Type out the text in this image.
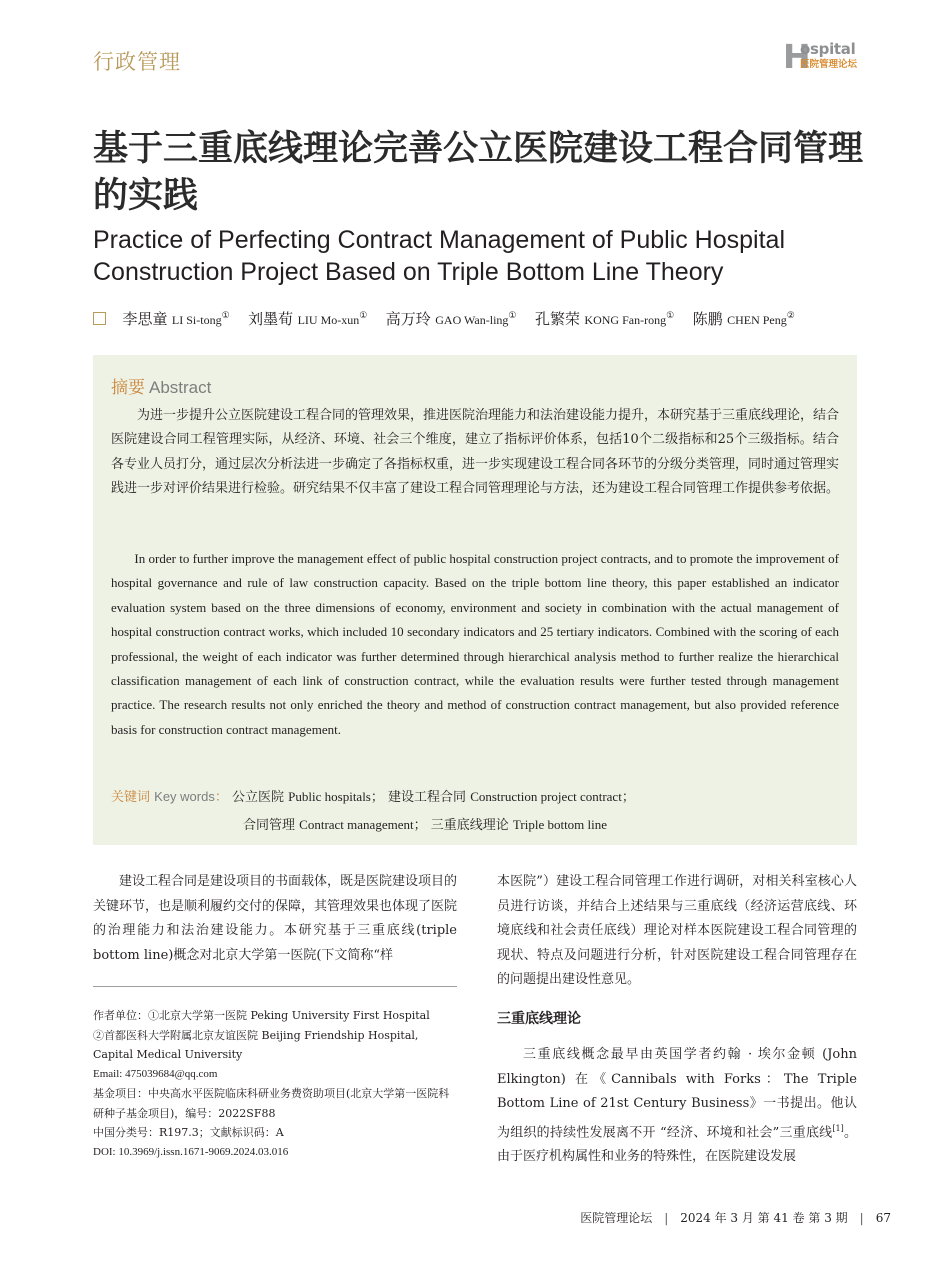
行政管理	H
ospital
医院管理论坛
基于三重底线理论完善公立医院建设工程合同管理的实践
Practice of Perfecting Contract Management of Public Hospital Construction Project Based on Triple Bottom Line Theory
李思童 LI Si-tong① 刘墨荀 LIU Mo-xun① 高万玲 GAO Wan-ling① 孔繁荣 KONG Fan-rong① 陈鹏 CHEN Peng②
摘要 Abstract
为进一步提升公立医院建设工程合同的管理效果，推进医院治理能力和法治建设能力提升，本研究基于三重底线理论，结合医院建设合同工程管理实际，从经济、环境、社会三个维度，建立了指标评价体系，包括10个二级指标和25个三级指标。结合各专业人员打分，通过层次分析法进一步确定了各指标权重，进一步实现建设工程合同各环节的分级分类管理，同时通过管理实践进一步对评价结果进行检验。研究结果不仅丰富了建设工程合同管理理论与方法，还为建设工程合同管理工作提供参考依据。
In order to further improve the management effect of public hospital construction project contracts, and to promote the improvement of hospital governance and rule of law construction capacity. Based on the triple bottom line theory, this paper established an indicator evaluation system based on the three dimensions of economy, environment and society in combination with the actual management of hospital construction contract works, which included 10 secondary indicators and 25 tertiary indicators. Combined with the scoring of each professional, the weight of each indicator was further determined through hierarchical analysis method to further realize the hierarchical classification management of each link of construction contract, while the evaluation results were further tested through management practice. The research results not only enriched the theory and method of construction contract management, but also provided reference basis for construction contract management.
关键词 Key words： 公立医院 Public hospitals； 建设工程合同 Construction project contract；
合同管理 Contract management； 三重底线理论 Triple bottom line
建设工程合同是建设项目的书面载体，既是医院建设项目的关键环节，也是顺利履约交付的保障，其管理效果也体现了医院的治理能力和法治建设能力。本研究基于三重底线(triple bottom line)概念对北京大学第一医院(下文简称“样
作者单位：①北京大学第一医院 Peking University First Hospital
②首都医科大学附属北京友谊医院 Beijing Friendship Hospital, Capital Medical University
Email: 475039684@qq.com
基金项目：中央高水平医院临床科研业务费资助项目(北京大学第一医院科研种子基金项目)，编号：2022SF88
中国分类号：R197.3；文献标识码：A
DOI: 10.3969/j.issn.1671-9069.2024.03.016
本医院”）建设工程合同管理工作进行调研，对相关科室核心人员进行访谈，并结合上述结果与三重底线（经济运营底线、环境底线和社会责任底线）理论对样本医院建设工程合同管理的现状、特点及问题进行分析，针对医院建设工程合同管理存在的问题提出建设性意见。
三重底线理论
三重底线概念最早由英国学者约翰 · 埃尔金顿 (John Elkington) 在《Cannibals with Forks：The Triple Bottom Line of 21st Century Business》一书提出。他认为组织的持续性发展离不开 “经济、环境和社会”三重底线[1]。由于医疗机构属性和业务的特殊性，在医院建设发展
医院管理论坛 | 2024 年 3 月 第 41 卷 第 3 期 | 67
